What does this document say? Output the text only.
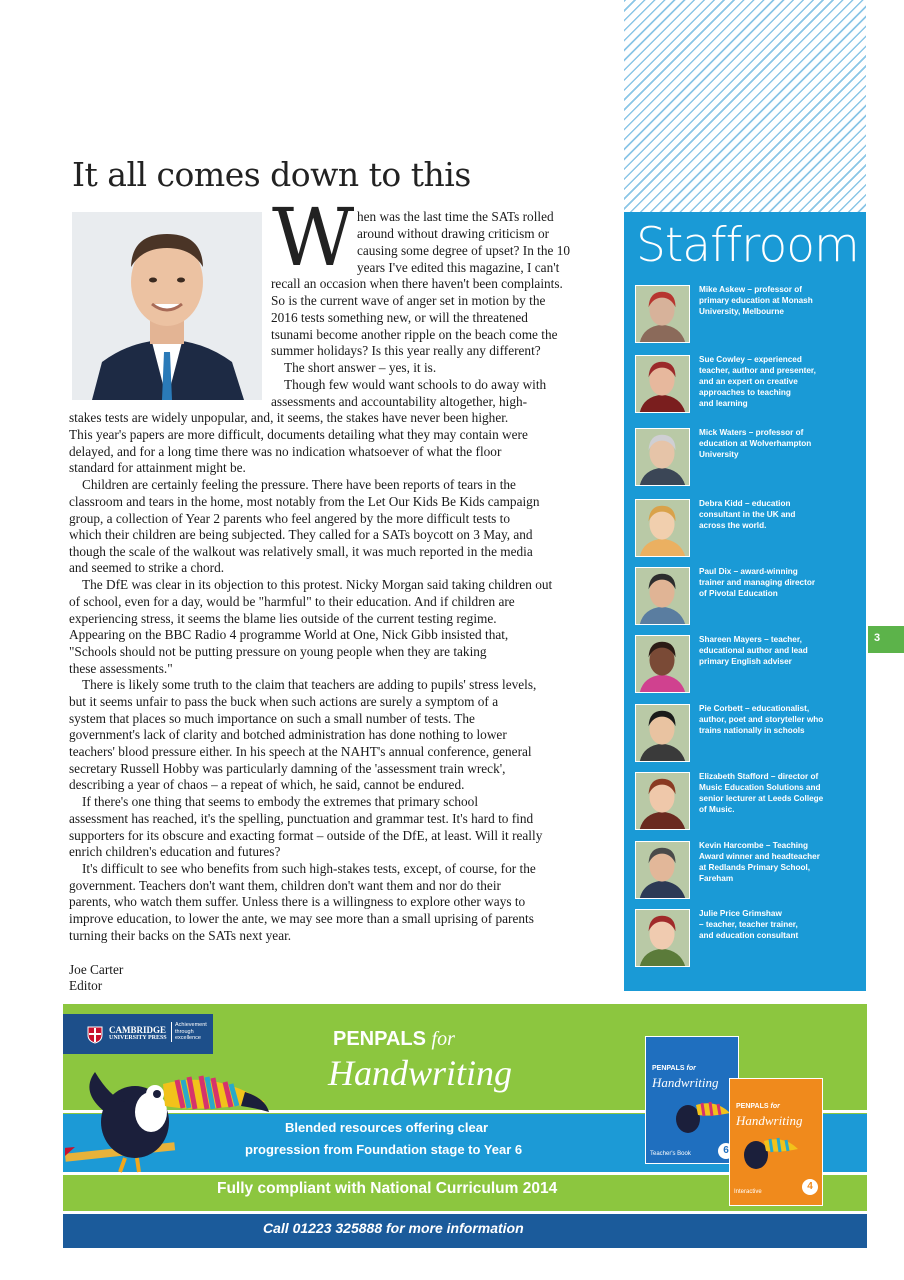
Staffroom
Mike Askew – professor of
primary education at Monash
University, Melbourne
Sue Cowley – experienced
teacher, author and presenter,
and an expert on creative
approaches to teaching
and learning
Mick Waters – professor of
education at Wolverhampton
University
Debra Kidd – education
consultant in the UK and
across the world.
Paul Dix – award-winning
trainer and managing director
of Pivotal Education
Shareen Mayers – teacher,
educational author and lead
primary English adviser
Pie Corbett – educationalist,
author, poet and storyteller who
trains nationally in schools
Elizabeth Stafford – director of
Music Education Solutions and
senior lecturer at Leeds College
of Music.
Kevin Harcombe – Teaching
Award winner and headteacher
at Redlands Primary School,
Fareham
Julie Price Grimshaw
– teacher, teacher trainer,
and education consultant
3
It all comes down to this
W hen was the last time the SATs rolled
around without drawing criticism or
causing some degree of upset? In the 10
years I've edited this magazine, I can't
recall an occasion when there haven't been complaints.
So is the current wave of anger set in motion by the
2016 tests something new, or will the threatened
tsunami become another ripple on the beach come the
summer holidays? Is this year really any different?
The short answer – yes, it is.
Though few would want schools to do away with
assessments and accountability altogether, high-
stakes tests are widely unpopular, and, it seems, the stakes have never been higher.
This year's papers are more difficult, documents detailing what they may contain were
delayed, and for a long time there was no indication whatsoever of what the floor
standard for attainment might be.
Children are certainly feeling the pressure. There have been reports of tears in the
classroom and tears in the home, most notably from the Let Our Kids Be Kids campaign
group, a collection of Year 2 parents who feel angered by the more difficult tests to
which their children are being subjected. They called for a SATs boycott on 3 May, and
though the scale of the walkout was relatively small, it was much reported in the media
and seemed to strike a chord.
The DfE was clear in its objection to this protest. Nicky Morgan said taking children out
of school, even for a day, would be "harmful" to their education. And if children are
experiencing stress, it seems the blame lies outside of the current testing regime.
Appearing on the BBC Radio 4 programme World at One, Nick Gibb insisted that,
"Schools should not be putting pressure on young people when they are taking
these assessments."
There is likely some truth to the claim that teachers are adding to pupils' stress levels,
but it seems unfair to pass the buck when such actions are surely a symptom of a
system that places so much importance on such a small number of tests. The
government's lack of clarity and botched administration has done nothing to lower
teachers' blood pressure either. In his speech at the NAHT's annual conference, general
secretary Russell Hobby was particularly damning of the 'assessment train wreck',
describing a year of chaos – a repeat of which, he said, cannot be endured.
If there's one thing that seems to embody the extremes that primary school
assessment has reached, it's the spelling, punctuation and grammar test. It's hard to find
supporters for its obscure and exacting format – outside of the DfE, at least. Will it really
enrich children's education and futures?
It's difficult to see who benefits from such high-stakes tests, except, of course, for the
government. Teachers don't want them, children don't want them and nor do their
parents, who watch them suffer. Unless there is a willingness to explore other ways to
improve education, to lower the ante, we may see more than a small uprising of parents
turning their backs on the SATs next year.
Joe Carter
Editor
CAMBRIDGE
UNIVERSITY PRESS
Achievement
through
excellence	PENPALS for
Handwriting
Blended resources offering clear
progression from Foundation stage to Year 6
Fully compliant with National Curriculum 2014
Call 01223 325888 for more information
PENPALS for
Handwriting
Teacher's Book	6
PENPALS for
Handwriting
Interactive	4
